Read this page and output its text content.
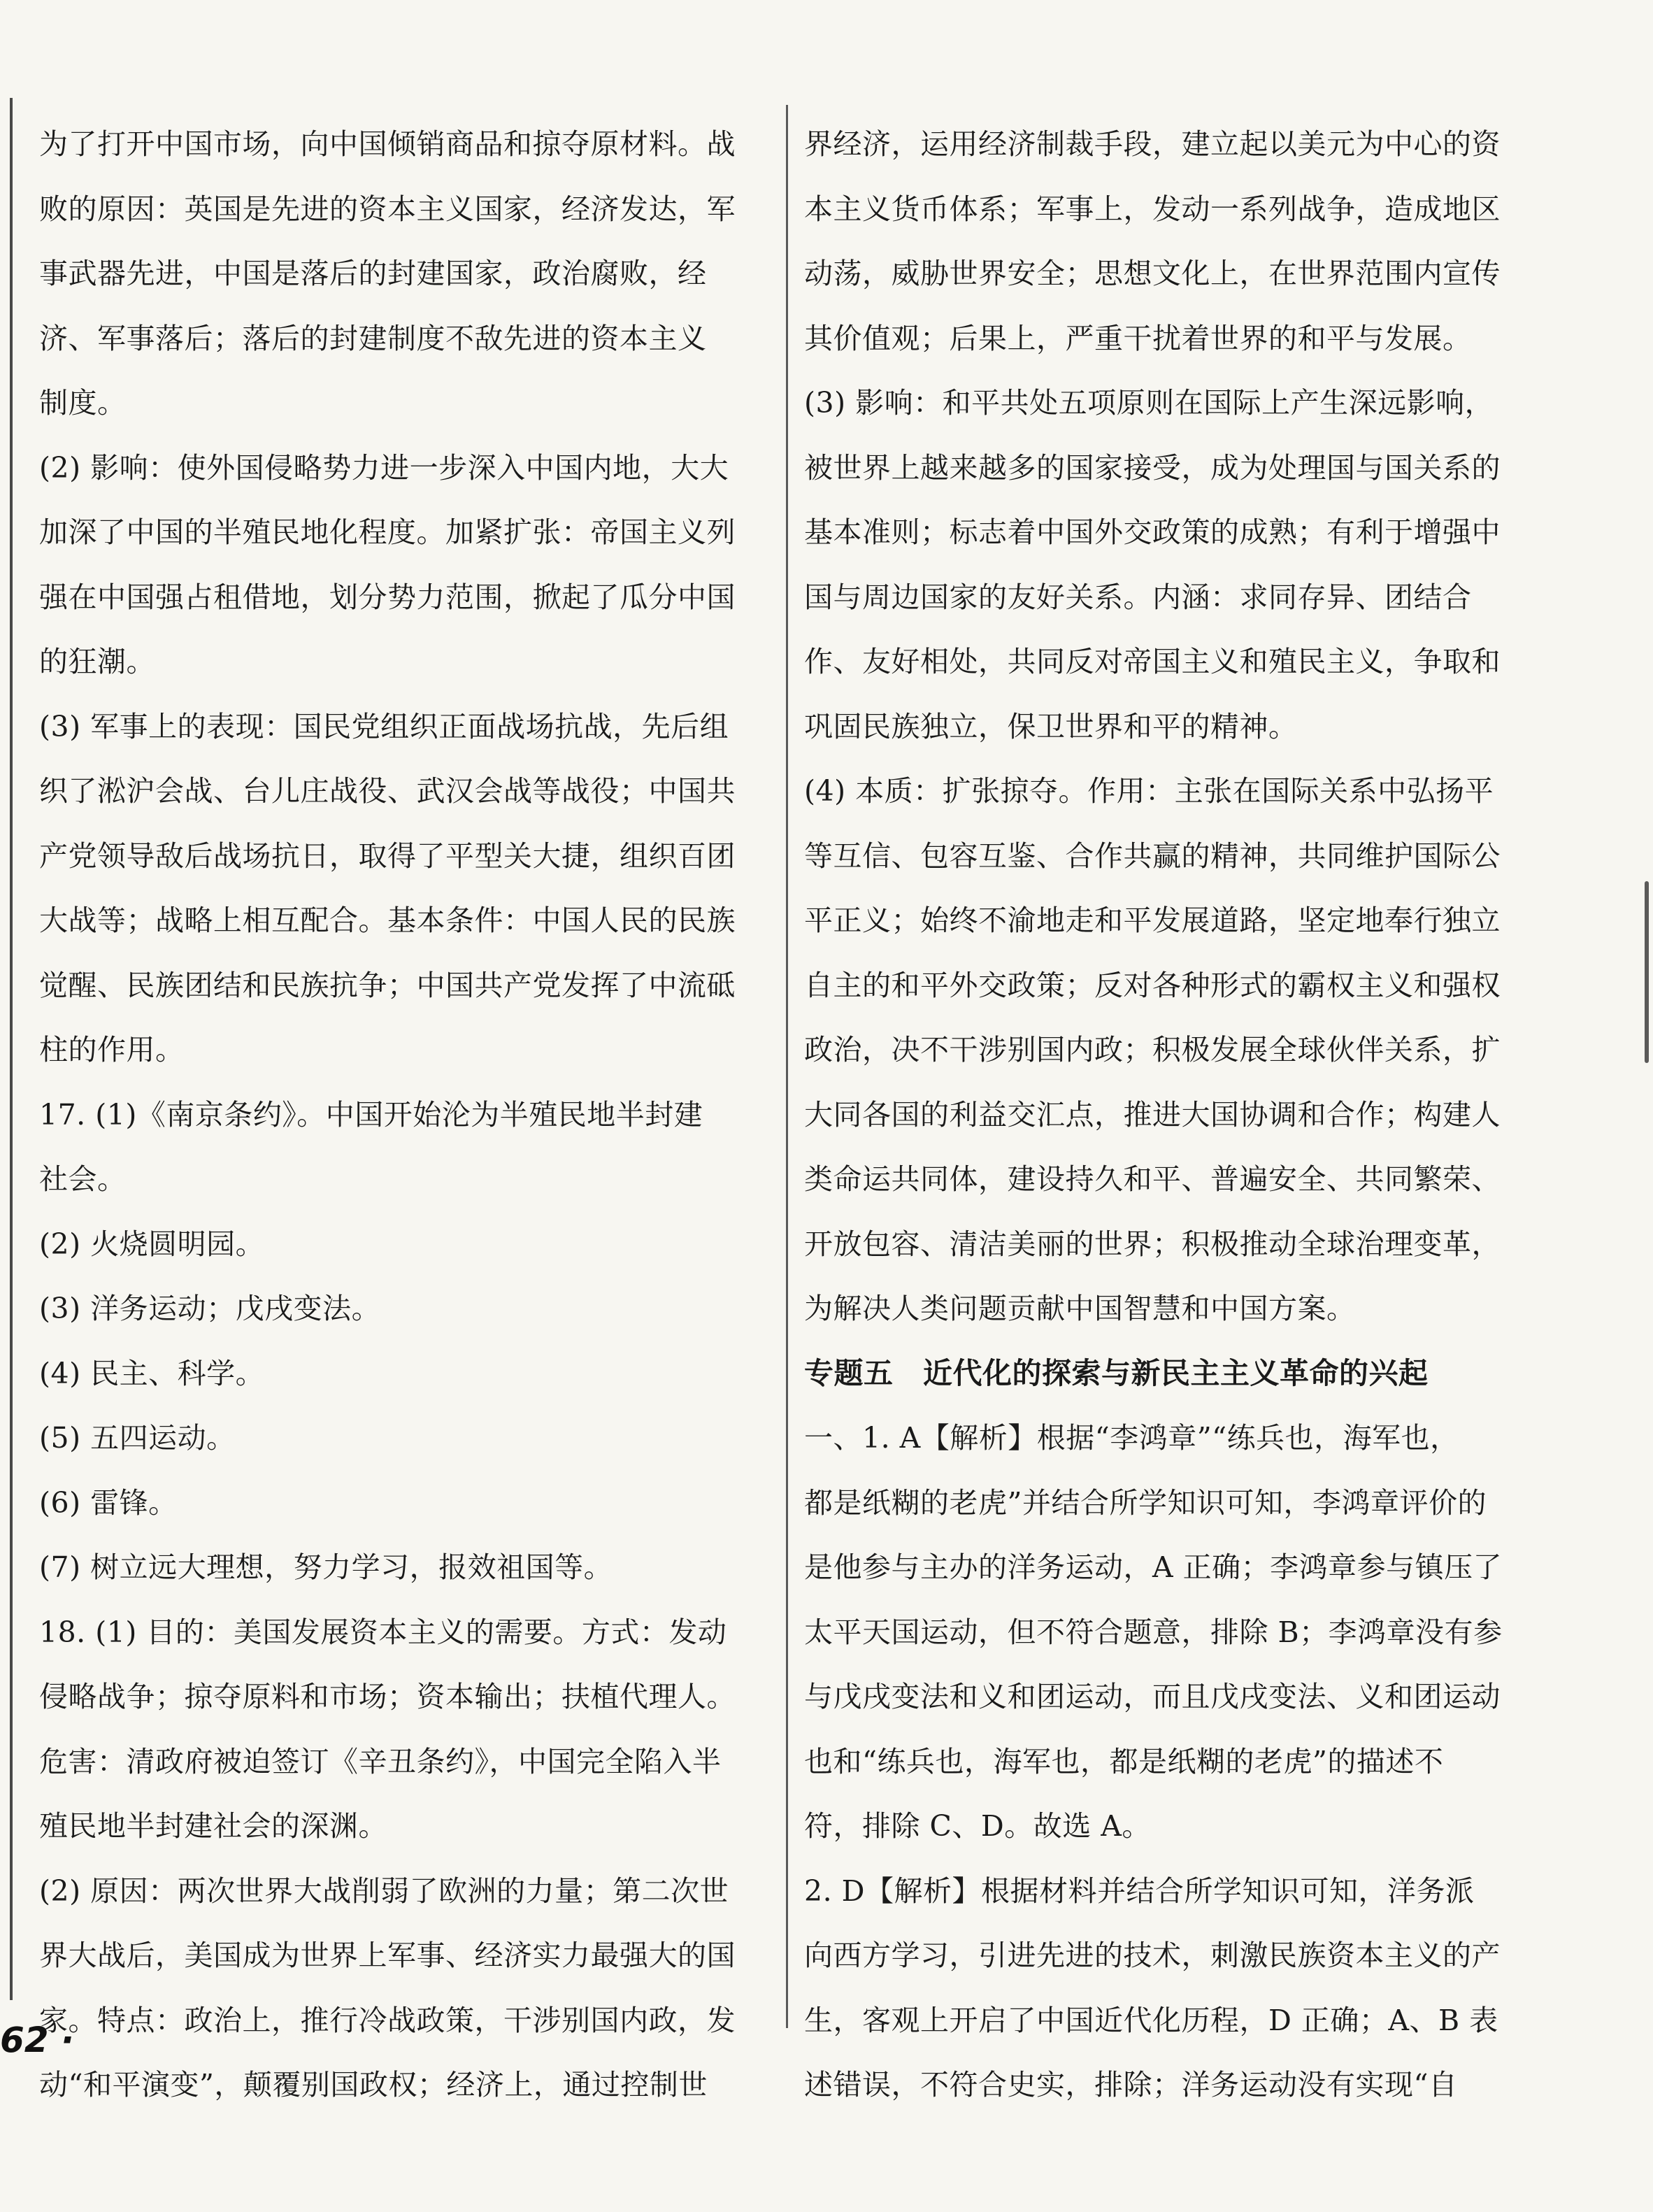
为了打开中国市场，向中国倾销商品和掠夺原材料。战
败的原因：英国是先进的资本主义国家，经济发达，军
事武器先进，中国是落后的封建国家，政治腐败，经
济、军事落后；落后的封建制度不敌先进的资本主义
制度。
(2) 影响：使外国侵略势力进一步深入中国内地，大大
加深了中国的半殖民地化程度。加紧扩张：帝国主义列
强在中国强占租借地，划分势力范围，掀起了瓜分中国
的狂潮。
(3) 军事上的表现：国民党组织正面战场抗战，先后组
织了淞沪会战、台儿庄战役、武汉会战等战役；中国共
产党领导敌后战场抗日，取得了平型关大捷，组织百团
大战等；战略上相互配合。基本条件：中国人民的民族
觉醒、民族团结和民族抗争；中国共产党发挥了中流砥
柱的作用。
17. (1)《南京条约》。中国开始沦为半殖民地半封建
社会。
(2) 火烧圆明园。
(3) 洋务运动；戊戌变法。
(4) 民主、科学。
(5) 五四运动。
(6) 雷锋。
(7) 树立远大理想，努力学习，报效祖国等。
18. (1) 目的：美国发展资本主义的需要。方式：发动
侵略战争；掠夺原料和市场；资本输出；扶植代理人。
危害：清政府被迫签订《辛丑条约》，中国完全陷入半
殖民地半封建社会的深渊。
(2) 原因：两次世界大战削弱了欧洲的力量；第二次世
界大战后，美国成为世界上军事、经济实力最强大的国
家。特点：政治上，推行冷战政策，干涉别国内政，发
动“和平演变”，颠覆别国政权；经济上，通过控制世
界经济，运用经济制裁手段，建立起以美元为中心的资
本主义货币体系；军事上，发动一系列战争，造成地区
动荡，威胁世界安全；思想文化上，在世界范围内宣传
其价值观；后果上，严重干扰着世界的和平与发展。
(3) 影响：和平共处五项原则在国际上产生深远影响，
被世界上越来越多的国家接受，成为处理国与国关系的
基本准则；标志着中国外交政策的成熟；有利于增强中
国与周边国家的友好关系。内涵：求同存异、团结合
作、友好相处，共同反对帝国主义和殖民主义，争取和
巩固民族独立，保卫世界和平的精神。
(4) 本质：扩张掠夺。作用：主张在国际关系中弘扬平
等互信、包容互鉴、合作共赢的精神，共同维护国际公
平正义；始终不渝地走和平发展道路，坚定地奉行独立
自主的和平外交政策；反对各种形式的霸权主义和强权
政治，决不干涉别国内政；积极发展全球伙伴关系，扩
大同各国的利益交汇点，推进大国协调和合作；构建人
类命运共同体，建设持久和平、普遍安全、共同繁荣、
开放包容、清洁美丽的世界；积极推动全球治理变革，
为解决人类问题贡献中国智慧和中国方案。
专题五　近代化的探索与新民主主义革命的兴起
一、1. A【解析】根据“李鸿章”“练兵也，海军也，
都是纸糊的老虎”并结合所学知识可知，李鸿章评价的
是他参与主办的洋务运动，A 正确；李鸿章参与镇压了
太平天国运动，但不符合题意，排除 B；李鸿章没有参
与戊戌变法和义和团运动，而且戊戌变法、义和团运动
也和“练兵也，海军也，都是纸糊的老虎”的描述不
符，排除 C、D。故选 A。
2. D【解析】根据材料并结合所学知识可知，洋务派
向西方学习，引进先进的技术，刺激民族资本主义的产
生，客观上开启了中国近代化历程，D 正确；A、B 表
述错误，不符合史实，排除；洋务运动没有实现“自
62 ·
